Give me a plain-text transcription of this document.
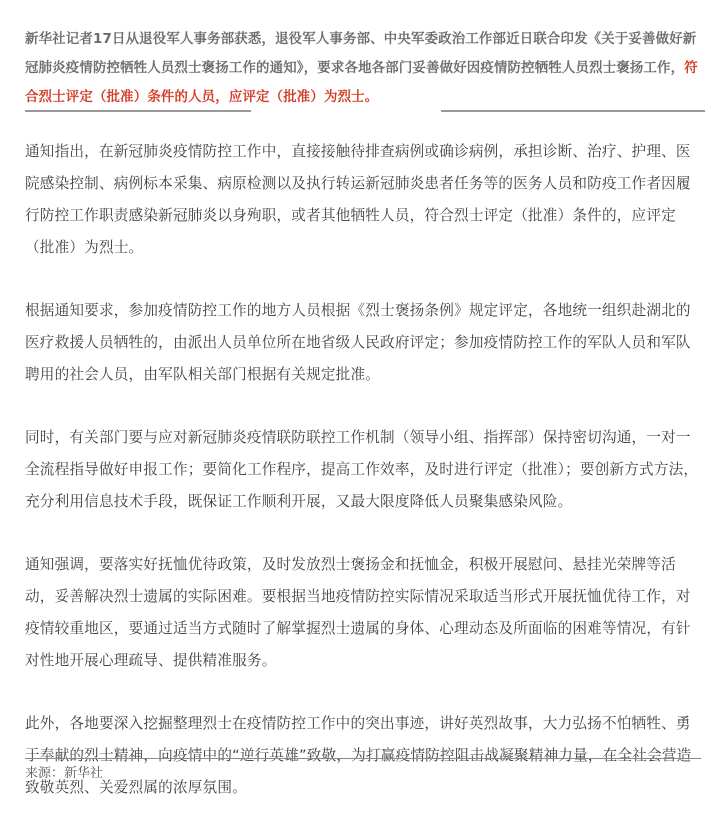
新华社记者17日从退役军人事务部获悉，退役军人事务部、中央军委政治工作部近日联合印发《关于妥善做好新冠肺炎疫情防控牺牲人员烈士褒扬工作的通知》，要求各地各部门妥善做好因疫情防控牺牲人员烈士褒扬工作，符合烈士评定（批准）条件的人员，应评定（批准）为烈士。

通知指出，在新冠肺炎疫情防控工作中，直接接触待排查病例或确诊病例，承担诊断、治疗、护理、医院感染控制、病例标本采集、病原检测以及执行转运新冠肺炎患者任务等的医务人员和防疫工作者因履行防控工作职责感染新冠肺炎以身殉职，或者其他牺牲人员，符合烈士评定（批准）条件的，应评定（批准）为烈士。

根据通知要求，参加疫情防控工作的地方人员根据《烈士褒扬条例》规定评定，各地统一组织赴湖北的医疗救援人员牺牲的，由派出人员单位所在地省级人民政府评定；参加疫情防控工作的军队人员和军队聘用的社会人员，由军队相关部门根据有关规定批准。

同时，有关部门要与应对新冠肺炎疫情联防联控工作机制（领导小组、指挥部）保持密切沟通，一对一全流程指导做好申报工作；要简化工作程序，提高工作效率，及时进行评定（批准）；要创新方式方法，充分利用信息技术手段，既保证工作顺利开展，又最大限度降低人员聚集感染风险。

通知强调，要落实好抚恤优待政策，及时发放烈士褒扬金和抚恤金，积极开展慰问、悬挂光荣牌等活动，妥善解决烈士遗属的实际困难。要根据当地疫情防控实际情况采取适当形式开展抚恤优待工作，对疫情较重地区，要通过适当方式随时了解掌握烈士遗属的身体、心理动态及所面临的困难等情况，有针对性地开展心理疏导、提供精准服务。

此外，各地要深入挖掘整理烈士在疫情防控工作中的突出事迹，讲好英烈故事，大力弘扬不怕牺牲、勇于奉献的烈士精神，向疫情中的“逆行英雄”致敬，为打赢疫情防控阻击战凝聚精神力量，在全社会营造致敬英烈、关爱烈属的浓厚氛围。

来源：新华社
